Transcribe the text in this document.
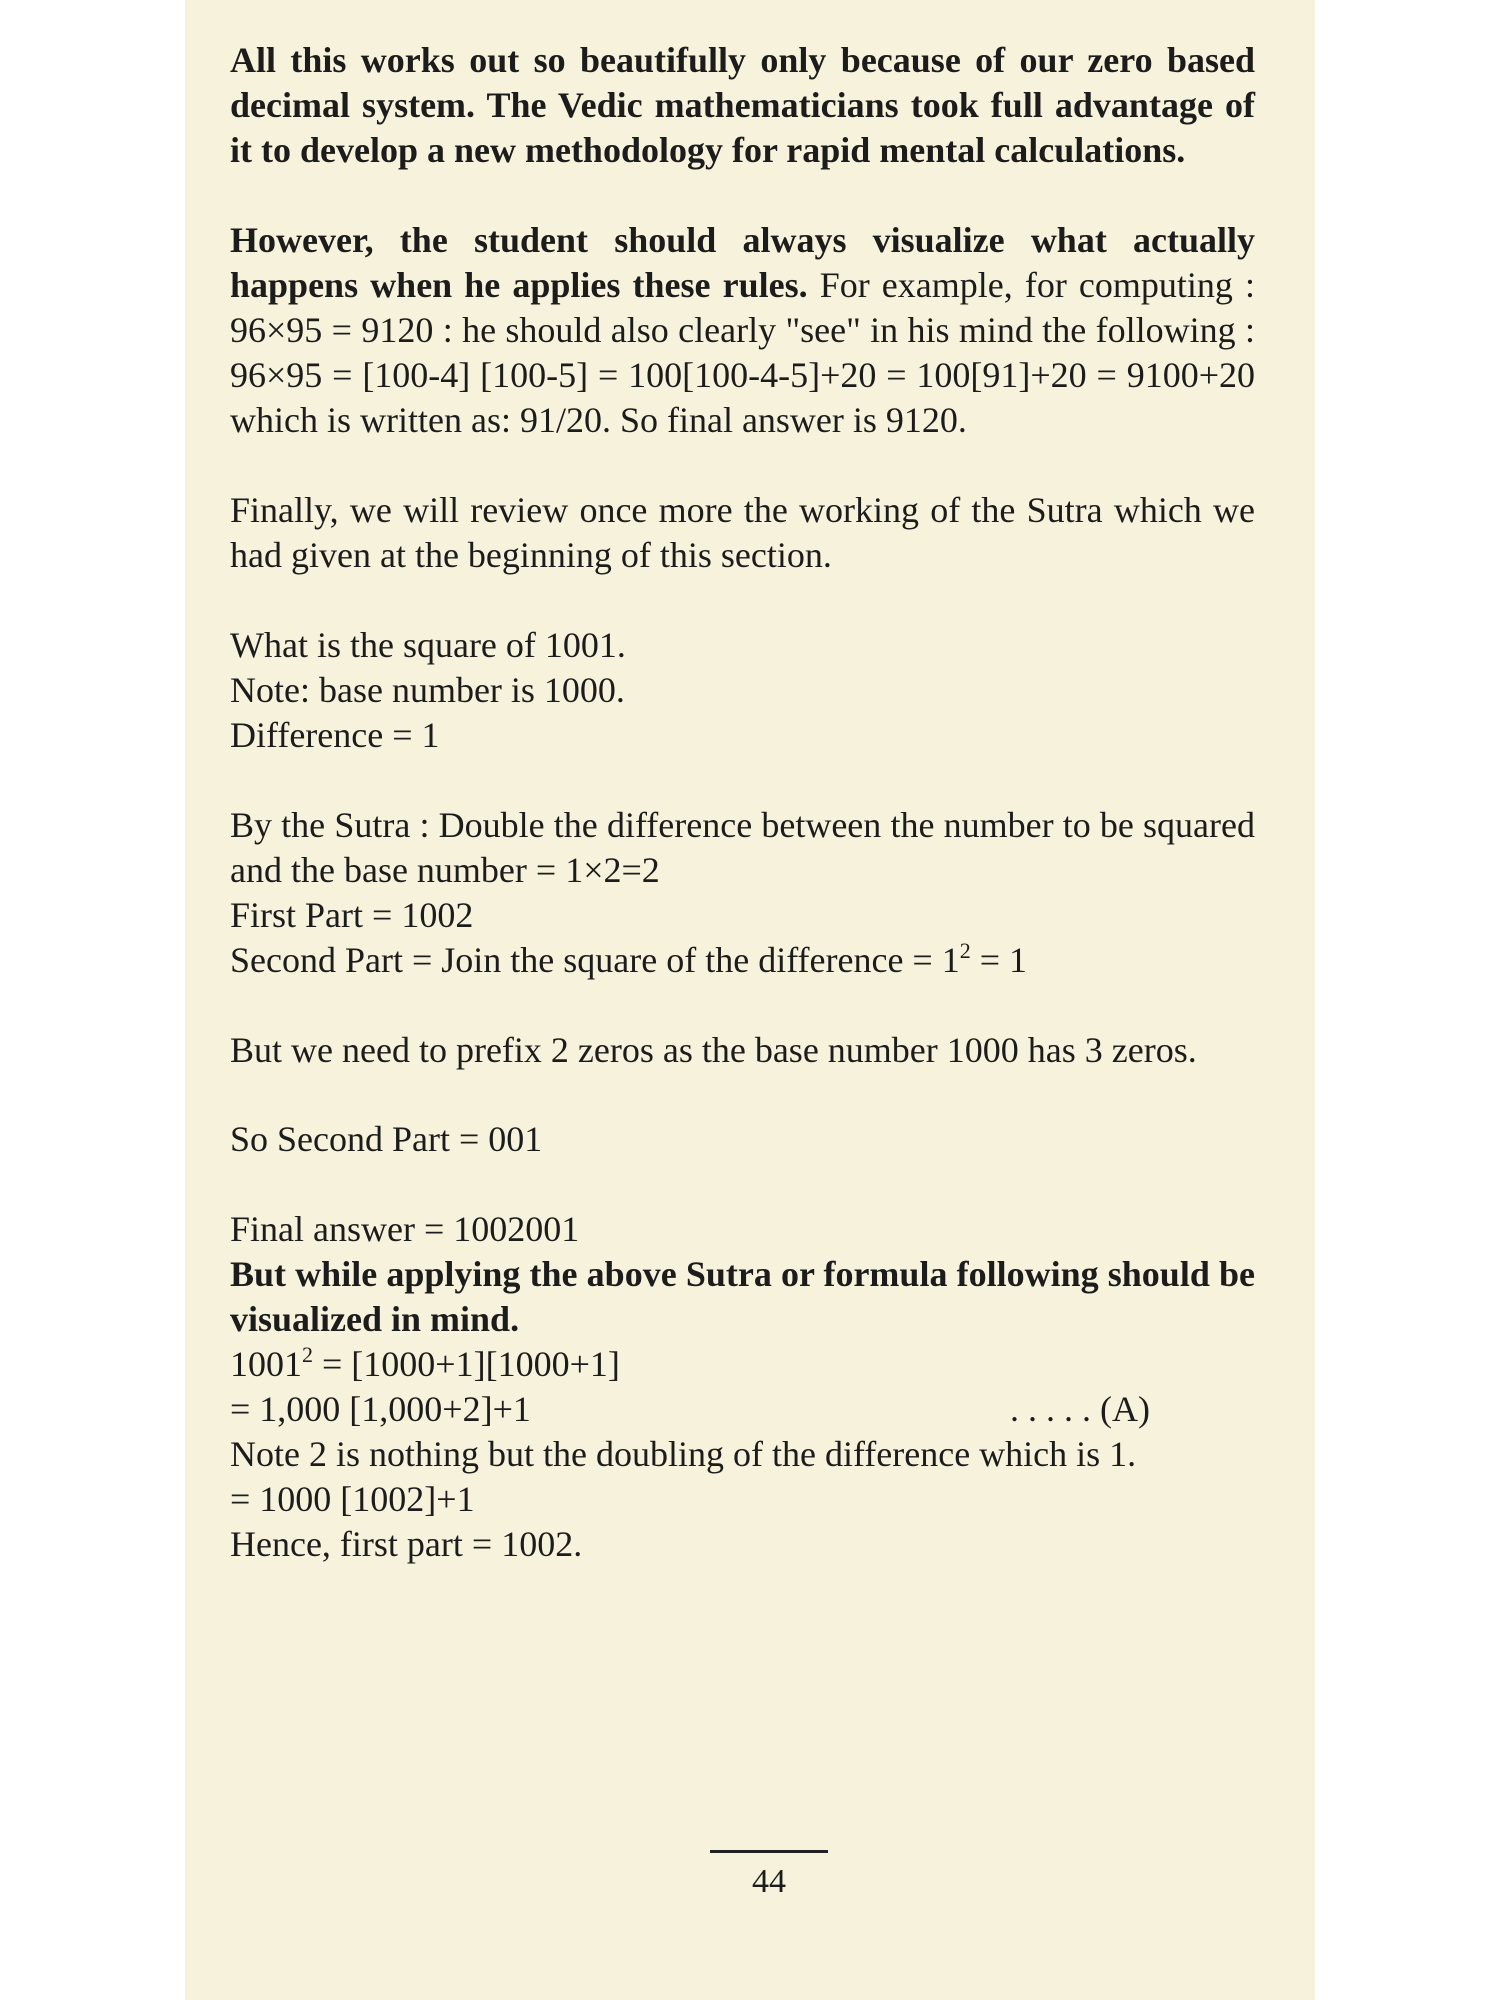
All this works out so beautifully only because of our zero based decimal system. The Vedic mathematicians took full advantage of it to develop a new methodology for rapid mental calculations.

However, the student should always visualize what actually happens when he applies these rules. For example, for computing : 96×95 = 9120 : he should also clearly "see" in his mind the following : 96×95 = [100-4] [100-5] = 100[100-4-5]+20 = 100[91]+20 = 9100+20 which is written as: 91/20. So final answer is 9120.

Finally, we will review once more the working of the Sutra which we had given at the beginning of this section.

What is the square of 1001.

Note: base number is 1000.

Difference = 1

By the Sutra : Double the difference between the number to be squared and the base number = 1×2=2

First Part = 1002

Second Part = Join the square of the difference = $1^2 = 1$

But we need to prefix 2 zeros as the base number 1000 has 3 zeros.

So Second Part = 001

Final answer = 1002001

But while applying the above Sutra or formula following should be visualized in mind.

$1001^2 = [1000+1][1000+1]$

= 1,000 [1,000+2]+1	. . . . . (A)

Note 2 is nothing but the doubling of the difference which is 1.

= 1000 [1002]+1

Hence, first part = 1002.

44
